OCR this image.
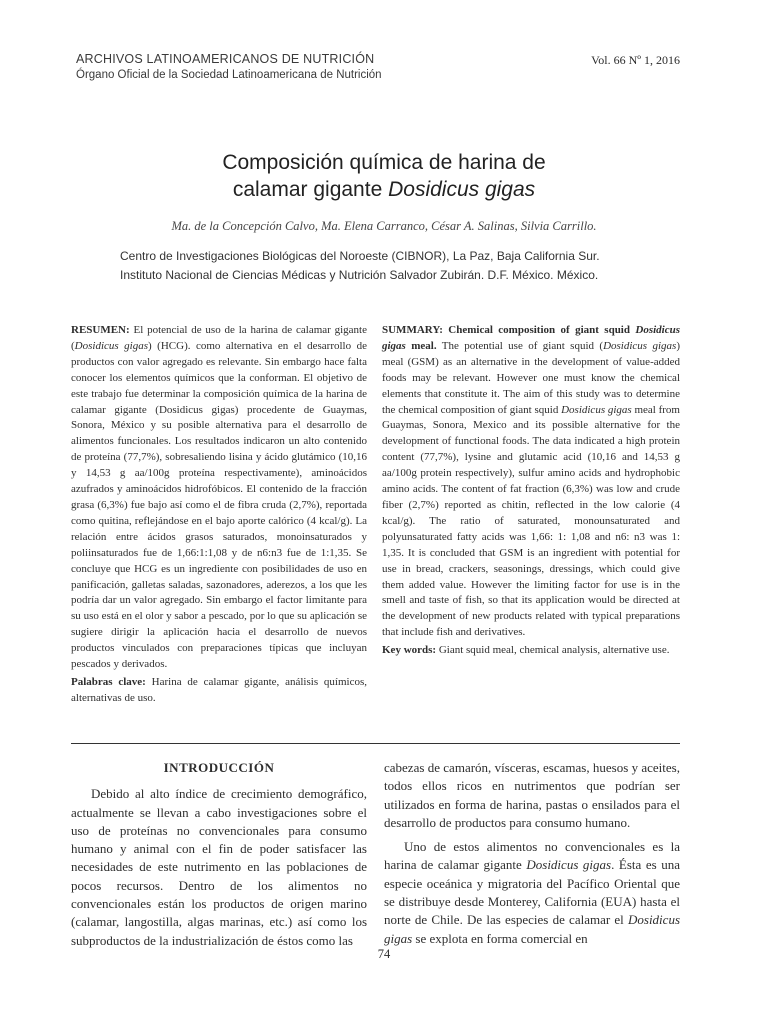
ARCHIVOS LATINOAMERICANOS DE NUTRICIÓN
Órgano Oficial de la Sociedad Latinoamericana de Nutrición
Vol. 66 Nº 1, 2016
Composición química de harina de
calamar gigante Dosidicus gigas
Ma. de la Concepción Calvo, Ma. Elena Carranco, César A. Salinas, Silvia Carrillo.
Centro de Investigaciones Biológicas del Noroeste (CIBNOR), La Paz, Baja California Sur.
Instituto Nacional de Ciencias Médicas y Nutrición Salvador Zubirán. D.F. México. México.

RESUMEN: El potencial de uso de la harina de calamar gigante (Dosidicus gigas) (HCG). como alternativa en el desarrollo de productos con valor agregado es relevante. Sin embargo hace falta conocer los elementos químicos que la conforman. El objetivo de este trabajo fue determinar la composición química de la harina de calamar gigante (Dosidicus gigas) procedente de Guaymas, Sonora, México y su posible alternativa para el desarrollo de alimentos funcionales. Los resultados indicaron un alto contenido de proteína (77,7%), sobresaliendo lisina y ácido glutámico (10,16 y 14,53 g aa/100g proteína respectivamente), aminoácidos azufrados y aminoácidos hidrofóbicos. El contenido de la fracción grasa (6,3%) fue bajo así como el de fibra cruda (2,7%), reportada como quitina, reflejándose en el bajo aporte calórico (4 kcal/g). La relación entre ácidos grasos saturados, monoinsaturados y poliinsaturados fue de 1,66:1:1,08 y de n6:n3 fue de 1:1,35. Se concluye que HCG es un ingrediente con posibilidades de uso en panificación, galletas saladas, sazonadores, aderezos, a los que les podría dar un valor agregado. Sin embargo el factor limitante para su uso está en el olor y sabor a pescado, por lo que su aplicación se sugiere dirigir la aplicación hacia el desarrollo de nuevos productos vinculados con preparaciones típicas que incluyan pescados y derivados.

Palabras clave: Harina de calamar gigante, análisis químicos, alternativas de uso.

SUMMARY: Chemical composition of giant squid Dosidicus gigas meal. The potential use of giant squid (Dosidicus gigas) meal (GSM) as an alternative in the development of value-added foods may be relevant. However one must know the chemical elements that constitute it. The aim of this study was to determine the chemical composition of giant squid Dosidicus gigas meal from Guaymas, Sonora, Mexico and its possible alternative for the development of functional foods. The data indicated a high protein content (77,7%), lysine and glutamic acid (10,16 and 14,53 g aa/100g protein respectively), sulfur amino acids and hydrophobic amino acids. The content of fat fraction (6,3%) was low and crude fiber (2,7%) reported as chitin, reflected in the low calorie (4 kcal/g). The ratio of saturated, monounsaturated and polyunsaturated fatty acids was 1,66: 1: 1,08 and n6: n3 was 1: 1,35. It is concluded that GSM is an ingredient with potential for use in bread, crackers, seasonings, dressings, which could give them added value. However the limiting factor for use is in the smell and taste of fish, so that its application would be directed at the development of new products related with typical preparations that include fish and derivatives.

Key words: Giant squid meal, chemical analysis, alternative use.

INTRODUCCIÓN

Debido al alto índice de crecimiento demográfico, actualmente se llevan a cabo investigaciones sobre el uso de proteínas no convencionales para consumo humano y animal con el fin de poder satisfacer las necesidades de este nutrimento en las poblaciones de pocos recursos. Dentro de los alimentos no convencionales están los productos de origen marino (calamar, langostilla, algas marinas, etc.) así como los subproductos de la industrialización de éstos como las

cabezas de camarón, vísceras, escamas, huesos y aceites, todos ellos ricos en nutrimentos que podrían ser utilizados en forma de harina, pastas o ensilados para el desarrollo de productos para consumo humano.

Uno de estos alimentos no convencionales es la harina de calamar gigante Dosidicus gigas. Ésta es una especie oceánica y migratoria del Pacífico Oriental que se distribuye desde Monterey, California (EUA) hasta el norte de Chile. De las especies de calamar el Dosidicus gigas se explota en forma comercial en

74
